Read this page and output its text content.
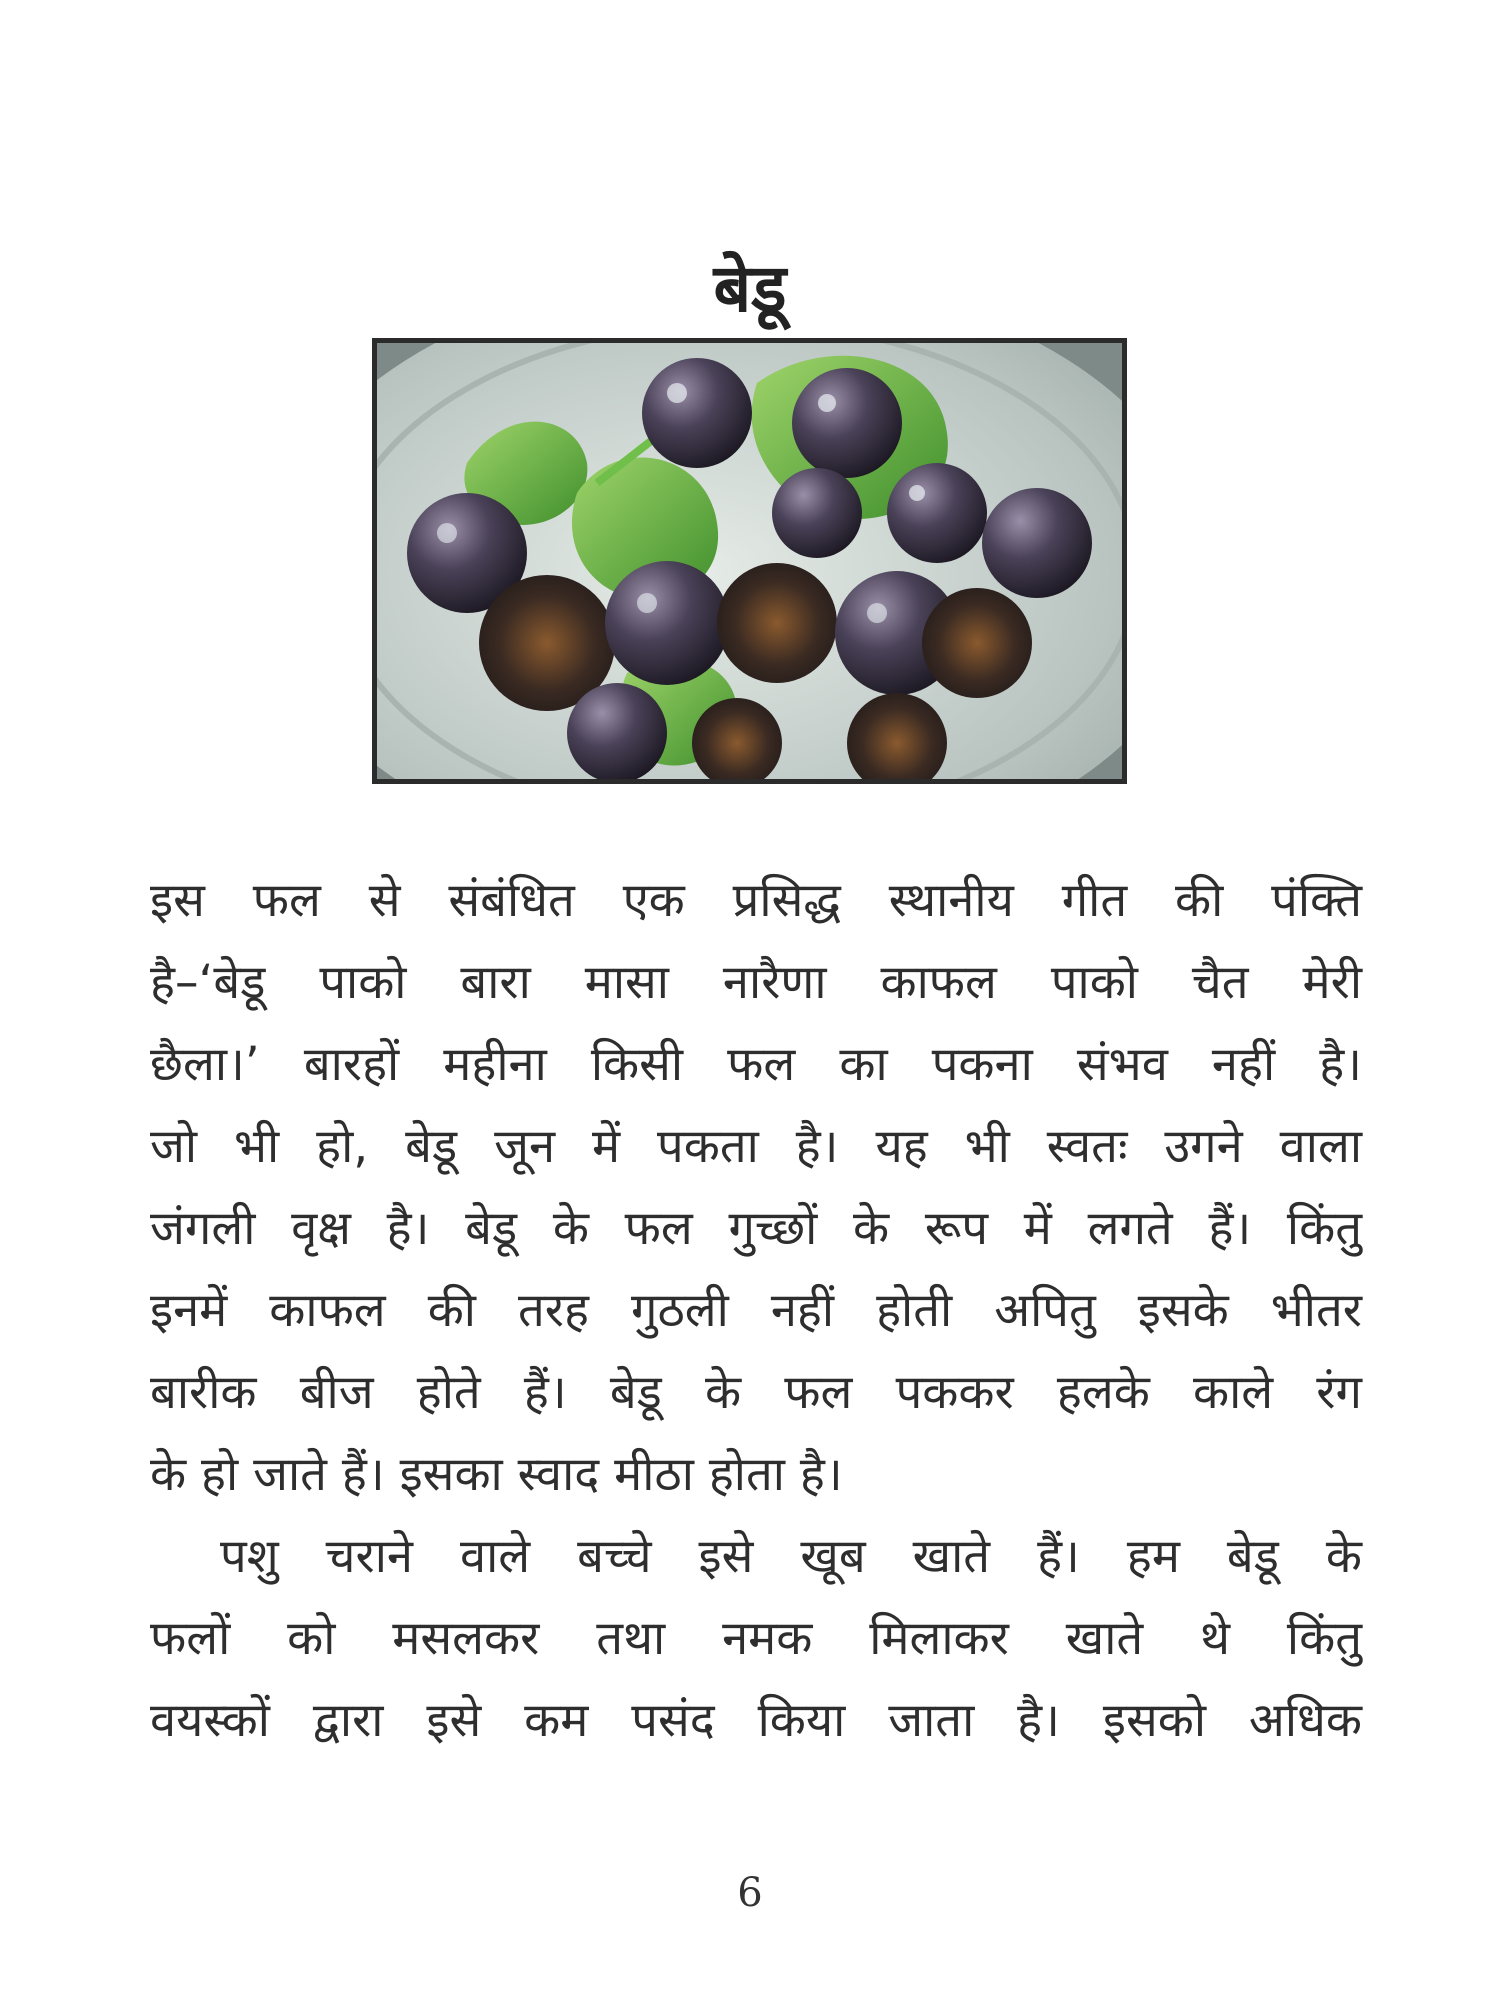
बेडू
इस फल से संबंधित एक प्रसिद्ध स्थानीय गीत की पंक्ति
है–‘बेडू पाको बारा मासा नारैणा काफल पाको चैत मेरी
छैला।’ बारहों महीना किसी फल का पकना संभव नहीं है।
जो भी हो, बेडू जून में पकता है। यह भी स्वतः उगने वाला
जंगली वृक्ष है। बेडू के फल गुच्छों के रूप में लगते हैं। किंतु
इनमें काफल की तरह गुठली नहीं होती अपितु इसके भीतर
बारीक बीज होते हैं। बेडू के फल पककर हलके काले रंग
के हो जाते हैं। इसका स्वाद मीठा होता है।
पशु चराने वाले बच्चे इसे खूब खाते हैं। हम बेडू के
फलों को मसलकर तथा नमक मिलाकर खाते थे किंतु
वयस्कों द्वारा इसे कम पसंद किया जाता है। इसको अधिक
6
